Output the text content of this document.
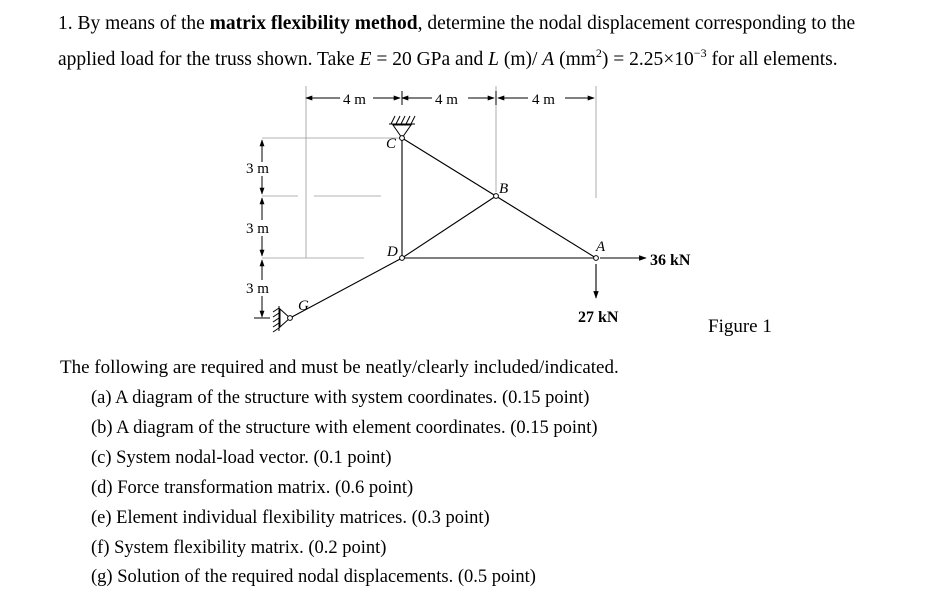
1. By means of the matrix flexibility method, determine the nodal displacement corresponding to the

applied load for the truss shown. Take E = 20 GPa and L (m)/ A $(mm^2) = 2.25\times 10^{-3}$ for all elements.

4 m	4 m	4 m
3 m
3 m
3 m
C
B
D	A
G
36 kN
27 kN	Figure 1
The following are required and must be neatly/clearly included/indicated.
(a) A diagram of the structure with system coordinates. (0.15 point)
(b) A diagram of the structure with element coordinates. (0.15 point)
(c) System nodal-load vector. (0.1 point)
(d) Force transformation matrix. (0.6 point)
(e) Element individual flexibility matrices. (0.3 point)
(f) System flexibility matrix. (0.2 point)
(g) Solution of the required nodal displacements. (0.5 point)
